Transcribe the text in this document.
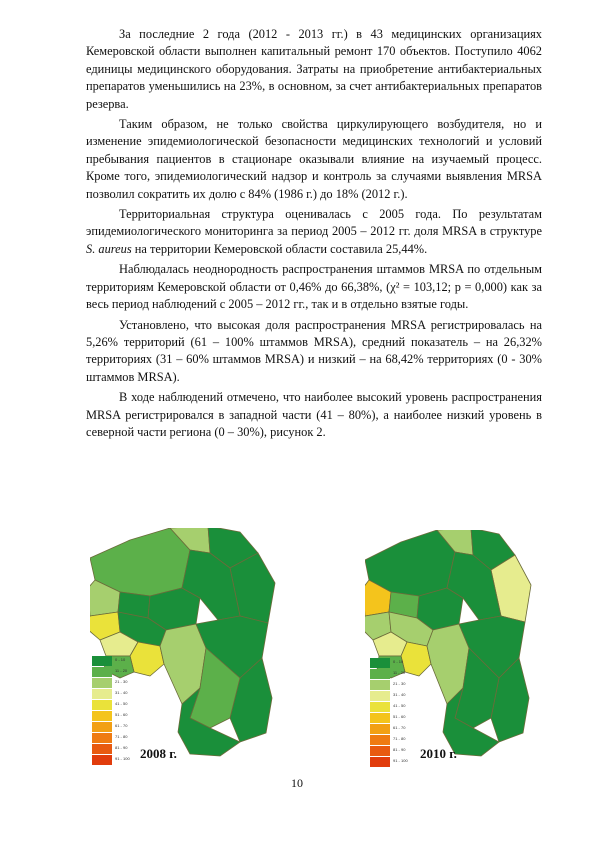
За последние 2 года (2012 - 2013 гг.) в 43 медицинских организациях Кемеровской области выполнен капитальный ремонт 170 объектов. Поступило 4062 единицы медицинского оборудования. Затраты на приобретение антибактериальных препаратов уменьшились на 23%, в основном, за счет антибактериальных препаратов резерва.

Таким образом, не только свойства циркулирующего возбудителя, но и изменение эпидемиологической безопасности медицинских технологий и условий пребывания пациентов в стационаре оказывали влияние на изучаемый процесс. Кроме того, эпидемиологический надзор и контроль за случаями выявления MRSA позволил сократить их долю с 84% (1986 г.) до 18% (2012 г.).

Территориальная структура оценивалась с 2005 года. По результатам эпидемиологического мониторинга за период 2005 – 2012 гг. доля MRSA в структуре S. aureus на территории Кемеровской области составила 25,44%.

Наблюдалась неоднородность распространения штаммов MRSA по отдельным территориям Кемеровской области от 0,46% до 66,38%, (χ² = 103,12; p = 0,000) как за весь период наблюдений с 2005 – 2012 гг., так и в отдельно взятые годы.

Установлено, что высокая доля распространения MRSA регистрировалась на 5,26% территорий (61 – 100% штаммов MRSA), средний показатель – на 26,32% территориях (31 – 60% штаммов MRSA) и низкий – на 68,42% территориях (0 - 30% штаммов MRSA).

В ходе наблюдений отмечено, что наиболее высокий уровень распространения MRSA регистрировался в западной части (41 – 80%), а наиболее низкий уровень в северной части региона (0 – 30%), рисунок 2.

0 - 10
11 - 20
21 - 30
31 - 40
41 - 50
51 - 60
61 - 70
71 - 80
81 - 90
91 - 100 2008 г.
0 - 10
11 - 20
21 - 30
31 - 40
41 - 50
51 - 60
61 - 70
71 - 80
81 - 90
91 - 100 2010 г.
10
